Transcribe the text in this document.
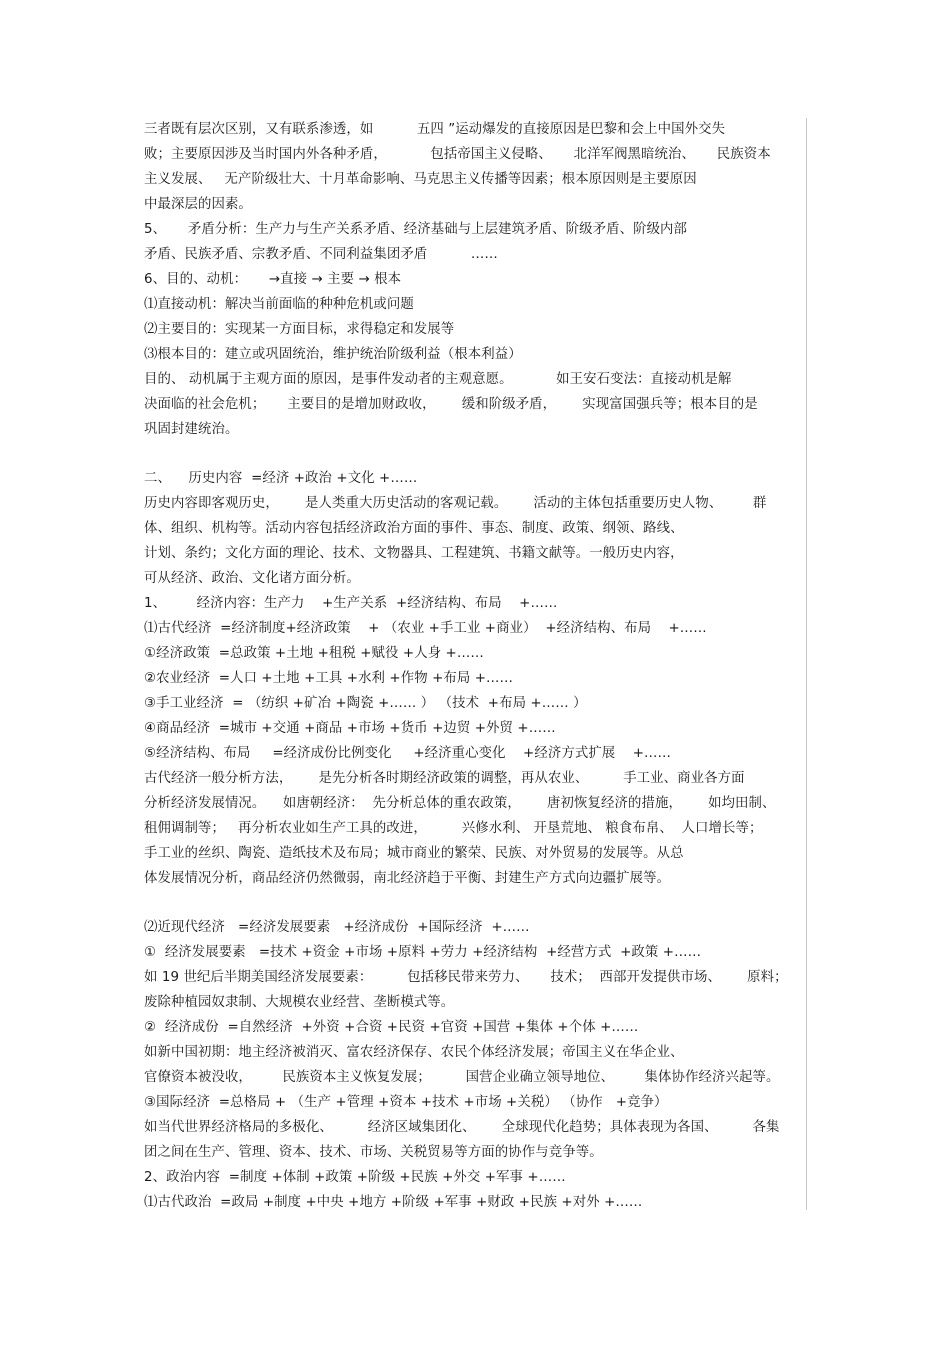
三者既有层次区别，又有联系渗透，如          五四 ”运动爆发的直接原因是巴黎和会上中国外交失
败；主要原因涉及当时国内外各种矛盾，          包括帝国主义侵略、     北洋军阀黑暗统治、     民族资本
主义发展、   无产阶级壮大、十月革命影响、马克思主义传播等因素；根本原因则是主要原因
中最深层的因素。
5、     矛盾分析：生产力与生产关系矛盾、经济基础与上层建筑矛盾、阶级矛盾、阶级内部
矛盾、民族矛盾、宗教矛盾、不同利益集团矛盾          ……
6、目的、动机：     →直接 → 主要 → 根本
⑴直接动机：解决当前面临的种种危机或问题
⑵主要目的：实现某一方面目标，求得稳定和发展等
⑶根本目的：建立或巩固统治，维护统治阶级利益（根本利益）
目的、 动机属于主观方面的原因，是事件发动者的主观意愿。          如王安石变法：直接动机是解
决面临的社会危机；     主要目的是增加财政收，      缓和阶级矛盾，      实现富国强兵等；根本目的是
巩固封建统治。
二、    历史内容  =经济 +政治 +文化 +……
历史内容即客观历史，      是人类重大历史活动的客观记载。      活动的主体包括重要历史人物、       群
体、组织、机构等。活动内容包括经济政治方面的事件、事态、制度、政策、纲领、路线、
计划、条约；文化方面的理论、技术、文物器具、工程建筑、书籍文献等。一般历史内容，
可从经济、政治、文化诸方面分析。
1、       经济内容：生产力    +生产关系  +经济结构、布局    +……
⑴古代经济  =经济制度+经济政策    + （农业 +手工业 +商业）  +经济结构、布局    +……
①经济政策  =总政策 +土地 +租税 +赋役 +人身 +……
②农业经济  =人口 +土地 +工具 +水利 +作物 +布局 +……
③手工业经济  = （纺织 +矿冶 +陶瓷 +…… ） （技术  +布局 +…… ）
④商品经济  =城市 +交通 +商品 +市场 +货币 +边贸 +外贸 +……
⑤经济结构、布局     =经济成份比例变化     +经济重心变化    +经济方式扩展    +……
古代经济一般分析方法，      是先分析各时期经济政策的调整，再从农业、        手工业、商业各方面
分析经济发展情况。    如唐朝经济：  先分析总体的重农政策，      唐初恢复经济的措施，      如均田制、
租佣调制等；   再分析农业如生产工具的改进，        兴修水利、 开垦荒地、 粮食布帛、  人口增长等；
手工业的丝织、陶瓷、造纸技术及布局；城市商业的繁荣、民族、对外贸易的发展等。从总
体发展情况分析，商品经济仍然微弱，南北经济趋于平衡、封建生产方式向边疆扩展等。
⑵近现代经济   =经济发展要素   +经济成份  +国际经济  +……
①  经济发展要素   =技术 +资金 +市场 +原料 +劳力 +经济结构  +经营方式  +政策 +……
如 19 世纪后半期美国经济发展要素：        包括移民带来劳力、     技术；  西部开发提供市场、      原料；
废除种植园奴隶制、大规模农业经营、垄断模式等。
②  经济成份  =自然经济  +外资 +合资 +民资 +官资 +国营 +集体 +个体 +……
如新中国初期：地主经济被消灭、富农经济保存、农民个体经济发展；帝国主义在华企业、
官僚资本被没收，       民族资本主义恢复发展；        国营企业确立领导地位、       集体协作经济兴起等。
③国际经济  =总格局 + （生产 +管理 +资本 +技术 +市场 +关税） （协作   +竞争）
如当代世界经济格局的多极化、        经济区域集团化、      全球现代化趋势；具体表现为各国、        各集
团之间在生产、管理、资本、技术、市场、关税贸易等方面的协作与竞争等。
2、政治内容  =制度 +体制 +政策 +阶级 +民族 +外交 +军事 +……
⑴古代政治  =政局 +制度 +中央 +地方 +阶级 +军事 +财政 +民族 +对外 +……
